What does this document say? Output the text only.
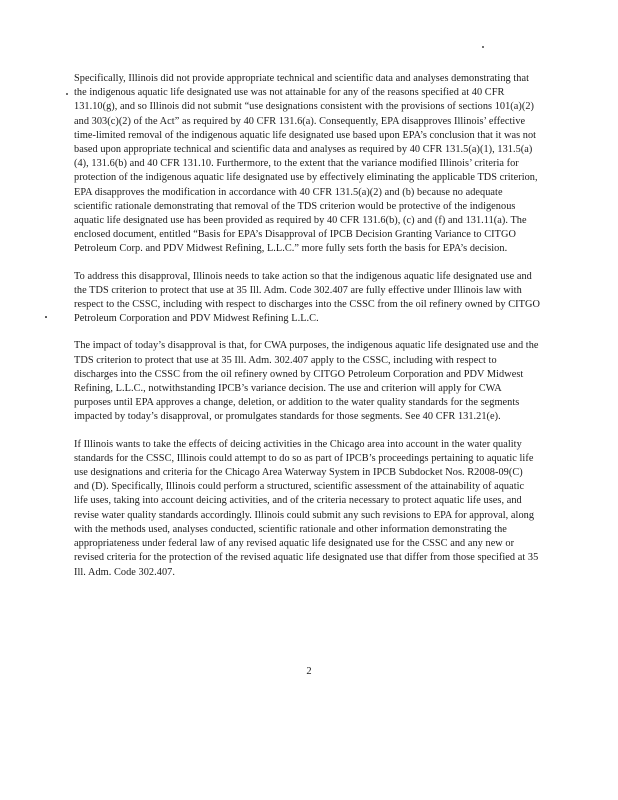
Specifically, Illinois did not provide appropriate technical and scientific data and analyses demonstrating that the indigenous aquatic life designated use was not attainable for any of the reasons specified at 40 CFR 131.10(g), and so Illinois did not submit “use designations consistent with the provisions of sections 101(a)(2) and 303(c)(2) of the Act” as required by 40 CFR 131.6(a). Consequently, EPA disapproves Illinois’ effective time-limited removal of the indigenous aquatic life designated use based upon EPA’s conclusion that it was not based upon appropriate technical and scientific data and analyses as required by 40 CFR 131.5(a)(1), 131.5(a)(4), 131.6(b) and 40 CFR 131.10. Furthermore, to the extent that the variance modified Illinois’ criteria for protection of the indigenous aquatic life designated use by effectively eliminating the applicable TDS criterion, EPA disapproves the modification in accordance with 40 CFR 131.5(a)(2) and (b) because no adequate scientific rationale demonstrating that removal of the TDS criterion would be protective of the indigenous aquatic life designated use has been provided as required by 40 CFR 131.6(b), (c) and (f) and 131.11(a). The enclosed document, entitled “Basis for EPA’s Disapproval of IPCB Decision Granting Variance to CITGO Petroleum Corp. and PDV Midwest Refining, L.L.C.” more fully sets forth the basis for EPA’s decision.

To address this disapproval, Illinois needs to take action so that the indigenous aquatic life designated use and the TDS criterion to protect that use at 35 Ill. Adm. Code 302.407 are fully effective under Illinois law with respect to the CSSC, including with respect to discharges into the CSSC from the oil refinery owned by CITGO Petroleum Corporation and PDV Midwest Refining L.L.C.

The impact of today’s disapproval is that, for CWA purposes, the indigenous aquatic life designated use and the TDS criterion to protect that use at 35 Ill. Adm. 302.407 apply to the CSSC, including with respect to discharges into the CSSC from the oil refinery owned by CITGO Petroleum Corporation and PDV Midwest Refining, L.L.C., notwithstanding IPCB’s variance decision. The use and criterion will apply for CWA purposes until EPA approves a change, deletion, or addition to the water quality standards for the segments impacted by today’s disapproval, or promulgates standards for those segments. See 40 CFR 131.21(e).

If Illinois wants to take the effects of deicing activities in the Chicago area into account in the water quality standards for the CSSC, Illinois could attempt to do so as part of IPCB’s proceedings pertaining to aquatic life use designations and criteria for the Chicago Area Waterway System in IPCB Subdocket Nos. R2008-09(C) and (D). Specifically, Illinois could perform a structured, scientific assessment of the attainability of aquatic life uses, taking into account deicing activities, and of the criteria necessary to protect aquatic life uses, and revise water quality standards accordingly. Illinois could submit any such revisions to EPA for approval, along with the methods used, analyses conducted, scientific rationale and other information demonstrating the appropriateness under federal law of any revised aquatic life designated use for the CSSC and any new or revised criteria for the protection of the revised aquatic life designated use that differ from those specified at 35 Ill. Adm. Code 302.407.

2
